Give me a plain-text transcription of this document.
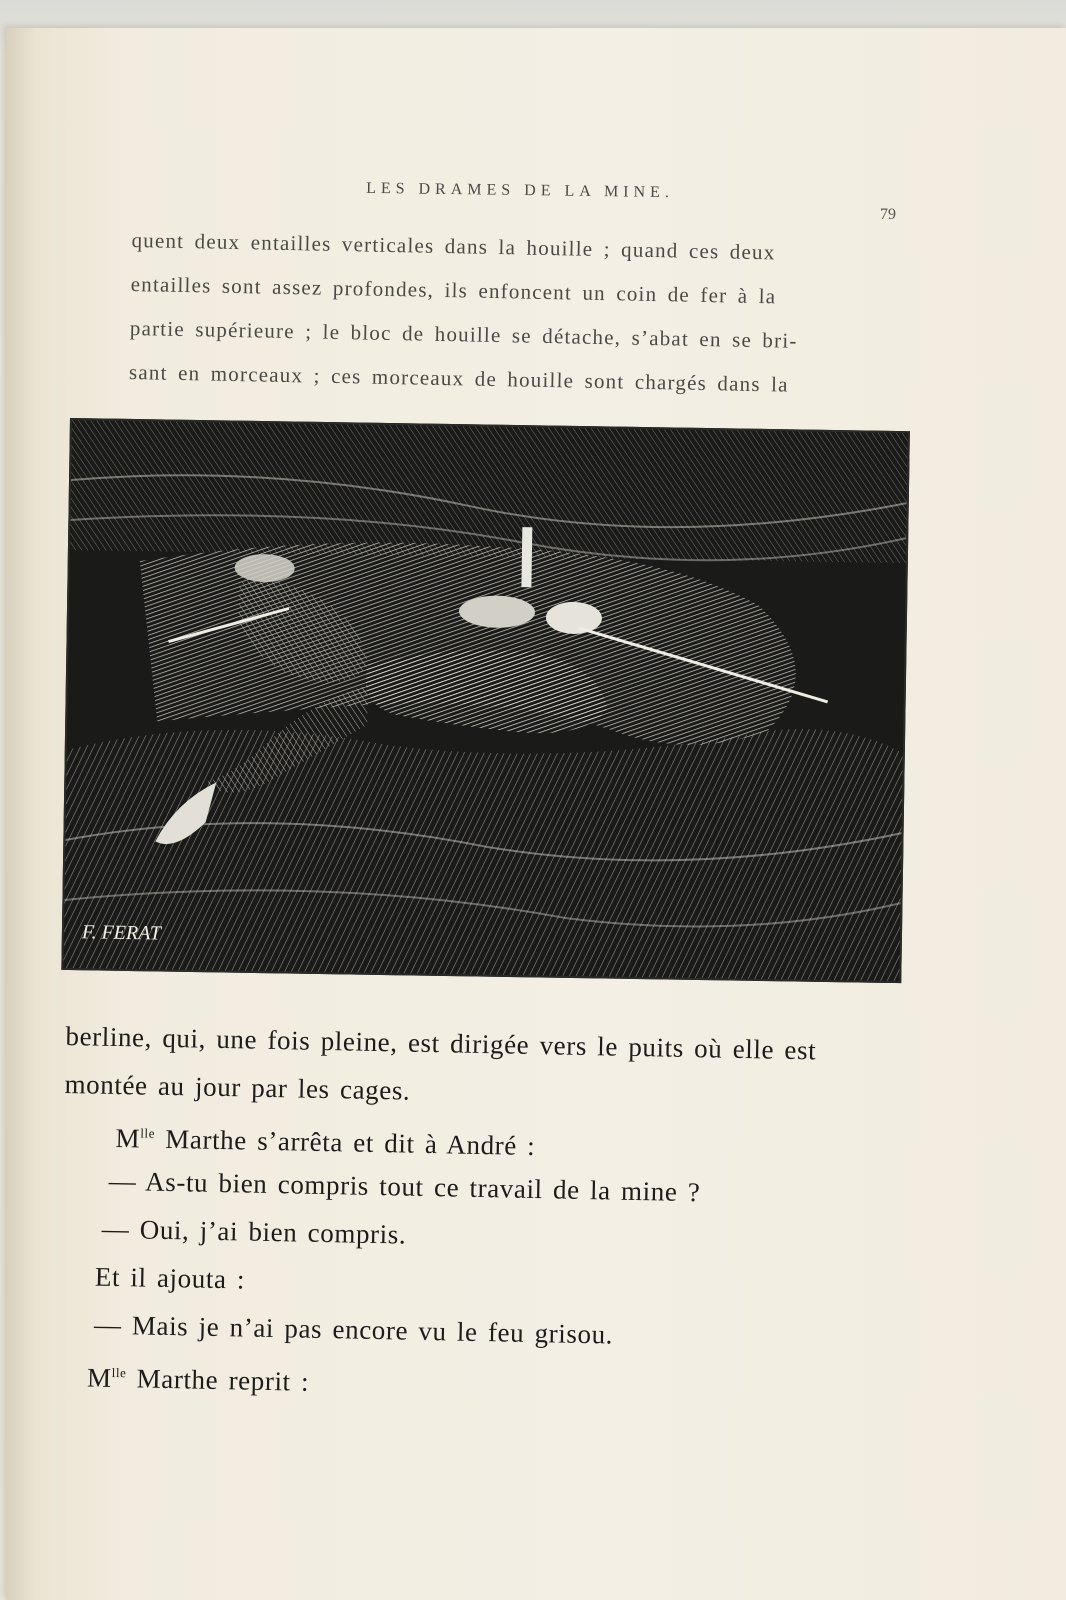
LES DRAMES DE LA MINE.
79
quent deux entailles verticales dans la houille ; quand ces deux
entailles sont assez profondes, ils enfoncent un coin de fer à la
partie supérieure ; le bloc de houille se détache, s’abat en se bri-
sant en morceaux ; ces morceaux de houille sont chargés dans la
F. FERAT
berline, qui, une fois pleine, est dirigée vers le puits où elle est
montée au jour par les cages.
$M^{lle}$ Marthe s’arrêta et dit à André :
— As-tu bien compris tout ce travail de la mine ?
— Oui, j’ai bien compris.
Et il ajouta :
— Mais je n’ai pas encore vu le feu grisou.
$M^{lle}$ Marthe reprit :
